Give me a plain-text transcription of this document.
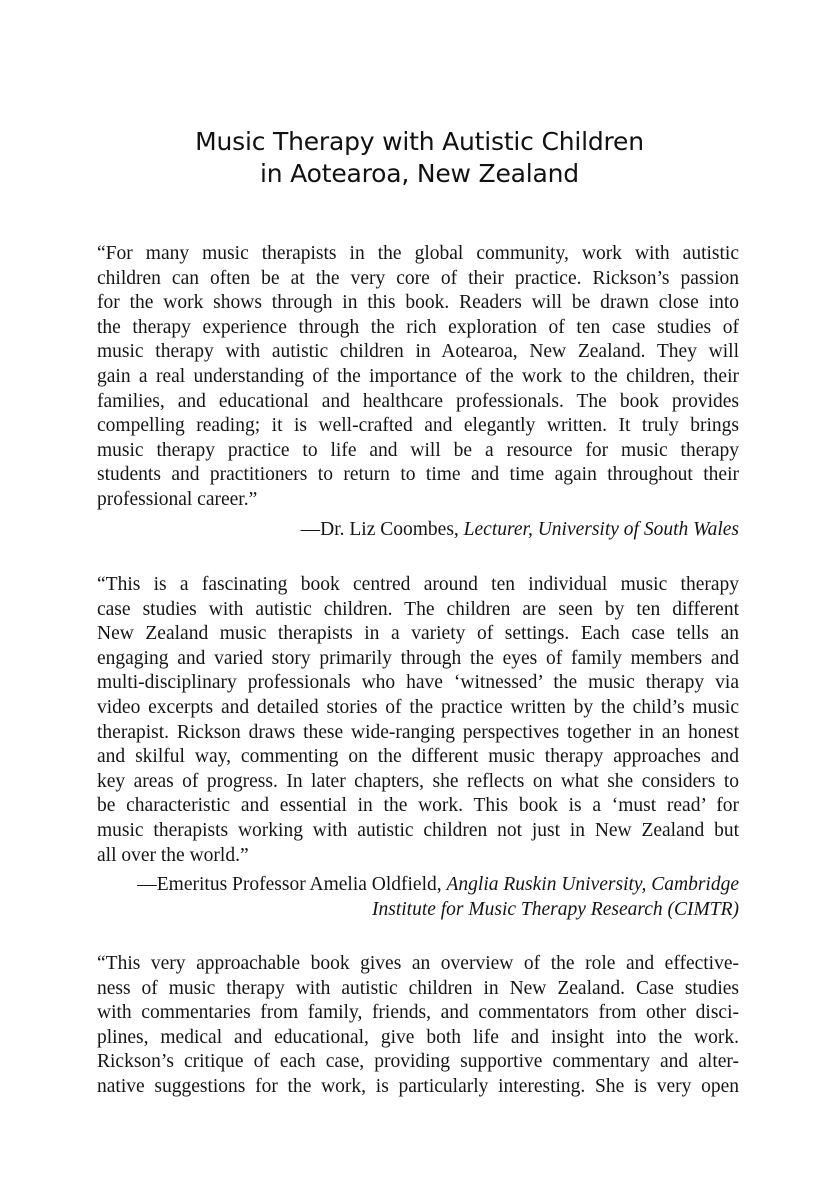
Music Therapy with Autistic Children
in Aotearoa, New Zealand
“For many music therapists in the global community, work with autistic
children can often be at the very core of their practice. Rickson’s passion
for the work shows through in this book. Readers will be drawn close into
the therapy experience through the rich exploration of ten case studies of
music therapy with autistic children in Aotearoa, New Zealand. They will
gain a real understanding of the importance of the work to the children, their
families, and educational and healthcare professionals. The book provides
compelling reading; it is well-crafted and elegantly written. It truly brings
music therapy practice to life and will be a resource for music therapy
students and practitioners to return to time and time again throughout their
professional career.”
—Dr. Liz Coombes, Lecturer, University of South Wales
“This is a fascinating book centred around ten individual music therapy
case studies with autistic children. The children are seen by ten different
New Zealand music therapists in a variety of settings. Each case tells an
engaging and varied story primarily through the eyes of family members and
multi-disciplinary professionals who have ‘witnessed’ the music therapy via
video excerpts and detailed stories of the practice written by the child’s music
therapist. Rickson draws these wide-ranging perspectives together in an honest
and skilful way, commenting on the different music therapy approaches and
key areas of progress. In later chapters, she reflects on what she considers to
be characteristic and essential in the work. This book is a ‘must read’ for
music therapists working with autistic children not just in New Zealand but
all over the world.”
—Emeritus Professor Amelia Oldfield, Anglia Ruskin University, Cambridge
Institute for Music Therapy Research (CIMTR)
“This very approachable book gives an overview of the role and effective-
ness of music therapy with autistic children in New Zealand. Case studies
with commentaries from family, friends, and commentators from other disci-
plines, medical and educational, give both life and insight into the work.
Rickson’s critique of each case, providing supportive commentary and alter-
native suggestions for the work, is particularly interesting. She is very open
